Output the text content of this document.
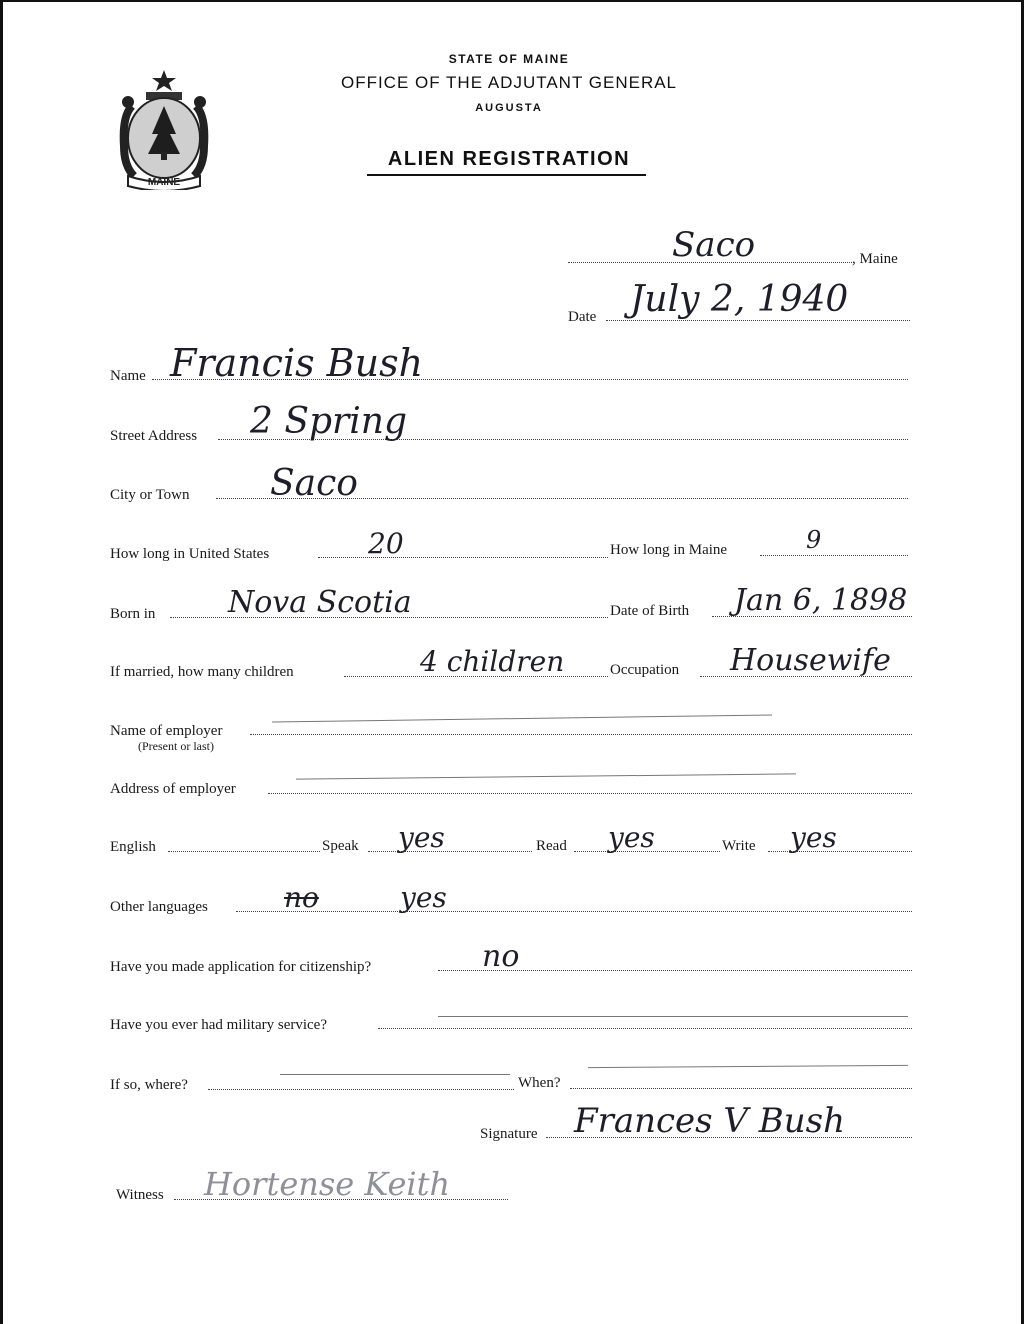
MAINE
STATE OF MAINE
OFFICE OF THE ADJUTANT GENERAL
AUGUSTA
ALIEN REGISTRATION
Saco	, Maine
Date July 2, 1940
Name Francis Bush
Street Address 2 Spring
City or Town Saco
How long in United States	20	How long in Maine	9
Born in Nova Scotia	Date of Birth Jan 6, 1898
If married, how many children	4 children	Occupation Housewife
Name of employer
(Present or last)
Address of employer
English	Speak yes	Read yes	Write yes
Other languages	no	yes
Have you made application for citizenship?	no
Have you ever had military service?
If so, where?	When?
Signature Frances V Bush
Witness Hortense Keith
